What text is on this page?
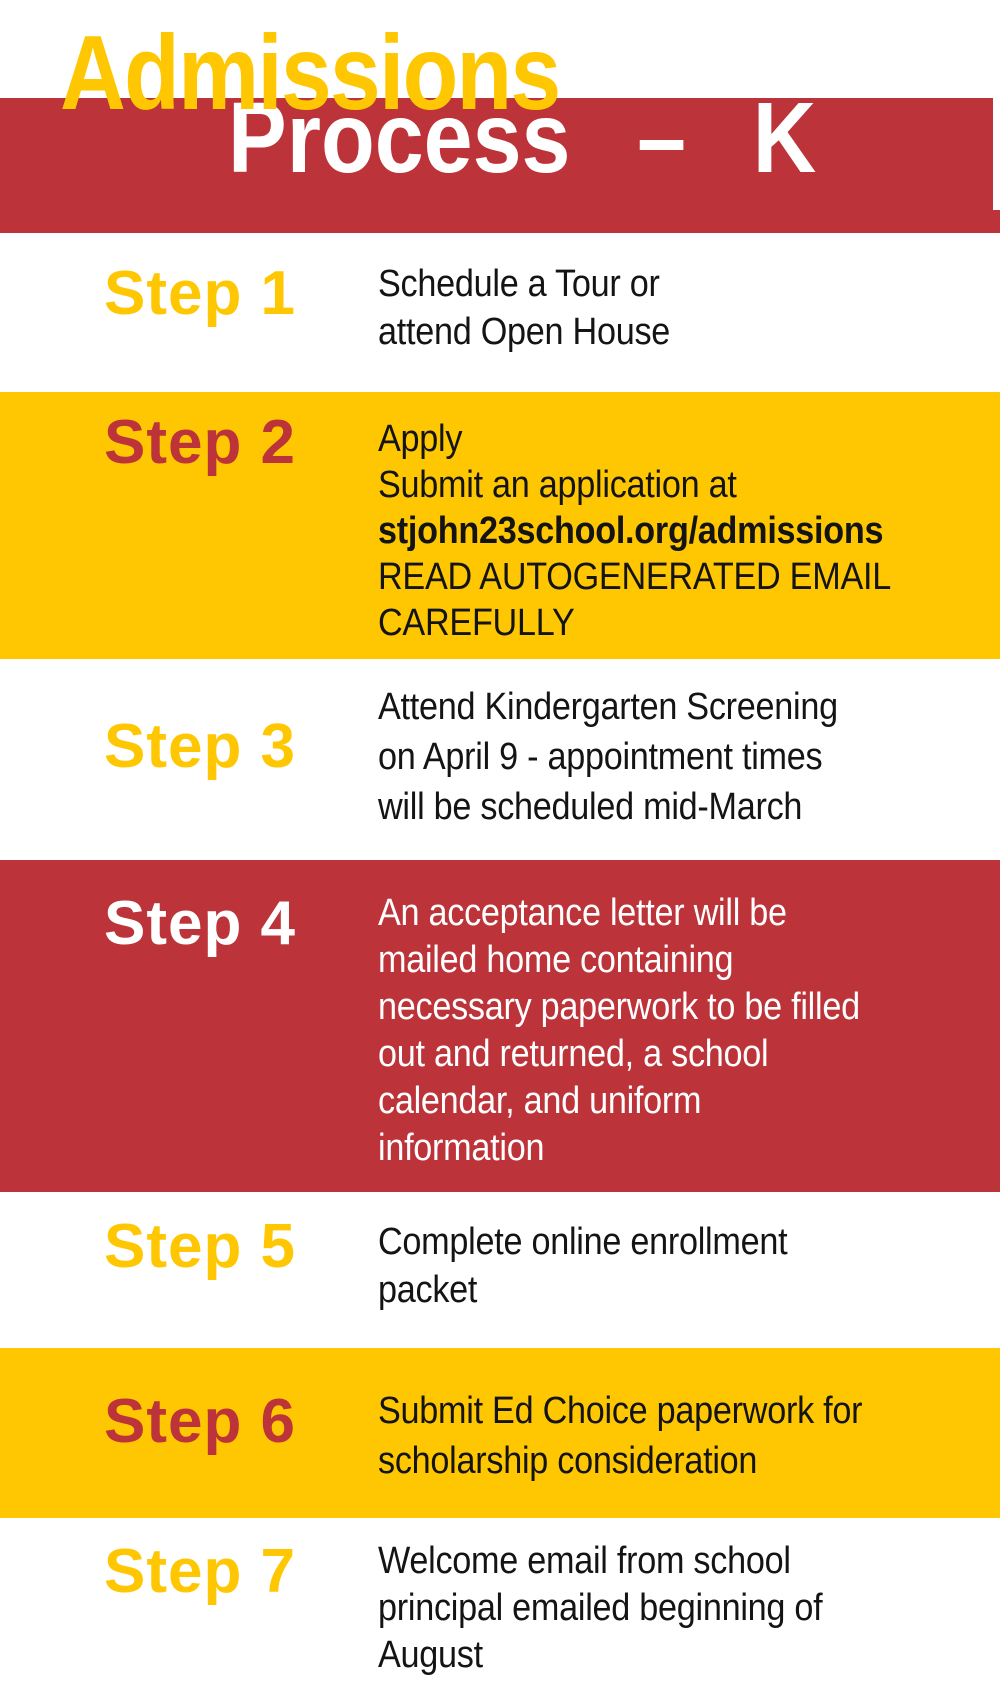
Admissions
Process – K
Step 1	Schedule a Tour or
attend Open House
Step 2	Apply
Submit an application at
stjohn23school.org/admissions
READ AUTOGENERATED EMAIL
CAREFULLY
Step 3
Attend Kindergarten Screening
on April 9 - appointment times
will be scheduled mid-March
Step 4	An acceptance letter will be
mailed home containing
necessary paperwork to be filled
out and returned, a school
calendar, and uniform
information
Step 5	Complete online enrollment
packet
Step 6	Submit Ed Choice paperwork for
scholarship consideration
Step 7	Welcome email from school
principal emailed beginning of
August
